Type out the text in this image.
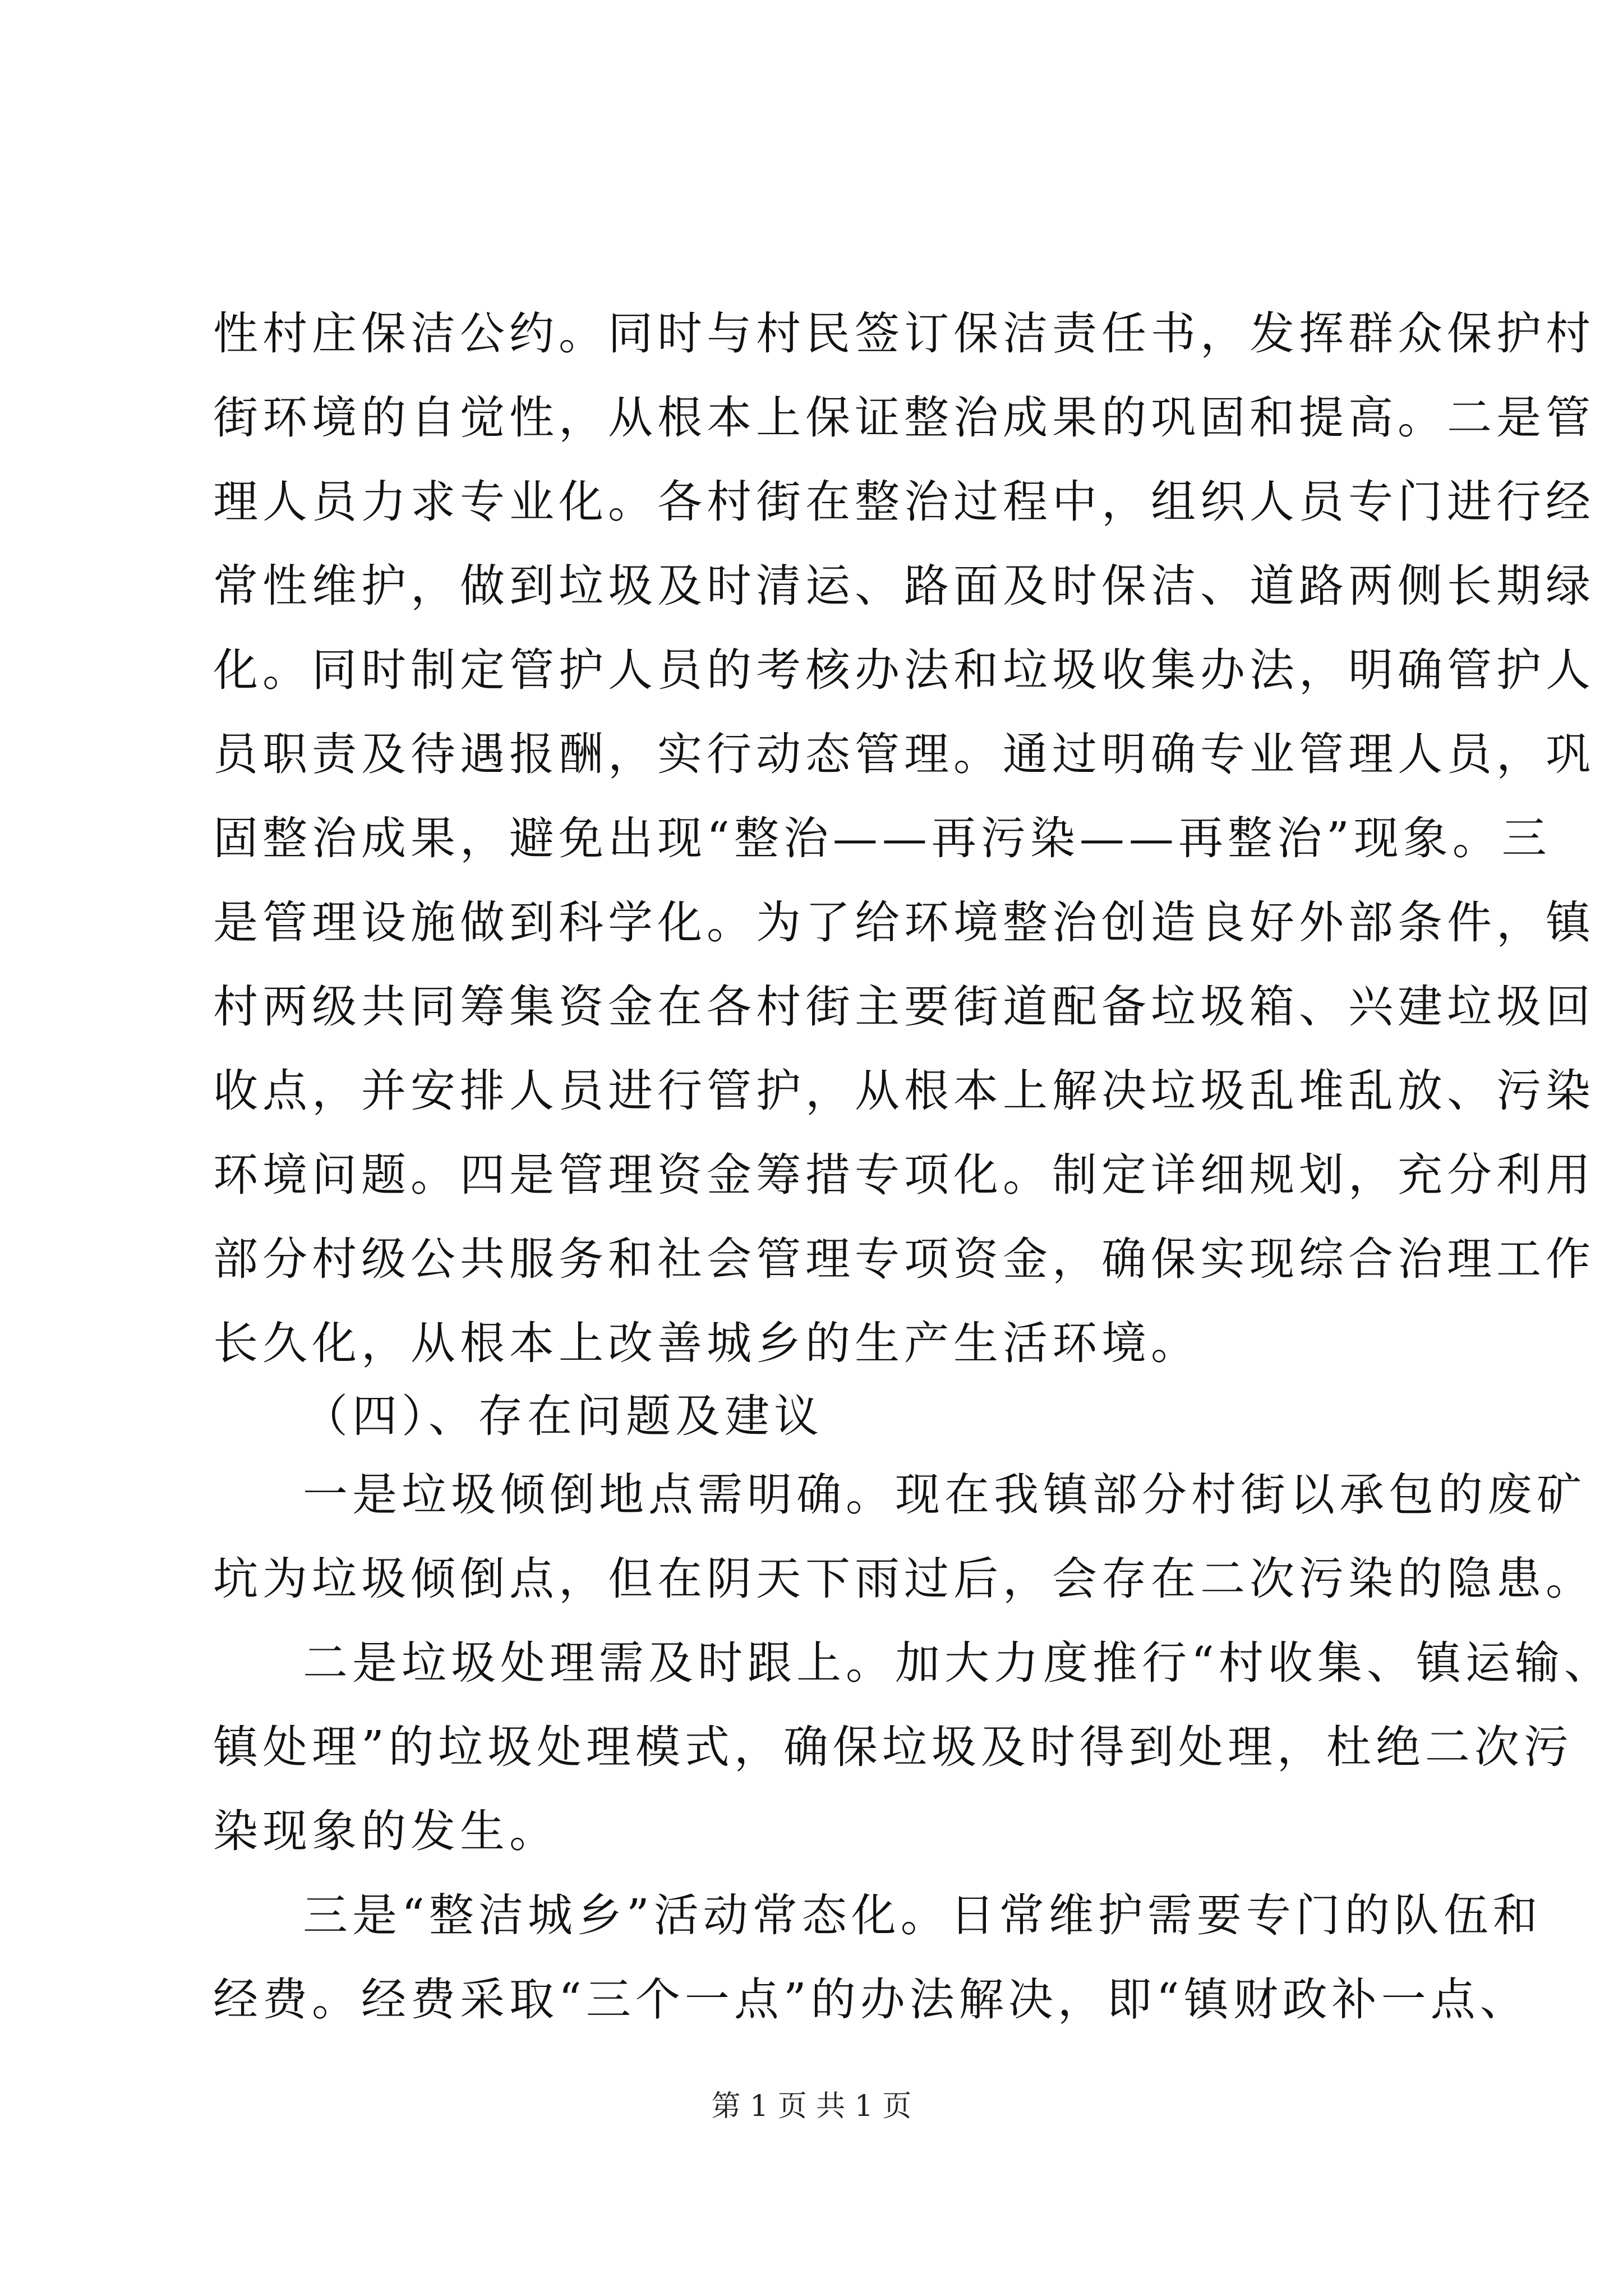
性村庄保洁公约。同时与村民签订保洁责任书，发挥群众保护村
街环境的自觉性，从根本上保证整治成果的巩固和提高。二是管
理人员力求专业化。各村街在整治过程中，组织人员专门进行经
常性维护，做到垃圾及时清运、路面及时保洁、道路两侧长期绿
化。同时制定管护人员的考核办法和垃圾收集办法，明确管护人
员职责及待遇报酬，实行动态管理。通过明确专业管理人员，巩
固整治成果，避免出现“整治——再污染——再整治”现象。三
是管理设施做到科学化。为了给环境整治创造良好外部条件，镇
村两级共同筹集资金在各村街主要街道配备垃圾箱、兴建垃圾回
收点，并安排人员进行管护，从根本上解决垃圾乱堆乱放、污染
环境问题。四是管理资金筹措专项化。制定详细规划，充分利用
部分村级公共服务和社会管理专项资金，确保实现综合治理工作
长久化，从根本上改善城乡的生产生活环境。
（四）、存在问题及建议
一是垃圾倾倒地点需明确。现在我镇部分村街以承包的废矿
坑为垃圾倾倒点，但在阴天下雨过后，会存在二次污染的隐患。
二是垃圾处理需及时跟上。加大力度推行“村收集、镇运输、
镇处理”的垃圾处理模式，确保垃圾及时得到处理，杜绝二次污
染现象的发生。
三是“整洁城乡”活动常态化。日常维护需要专门的队伍和
经费。经费采取“三个一点”的办法解决，即“镇财政补一点、
第 1 页 共 1 页
